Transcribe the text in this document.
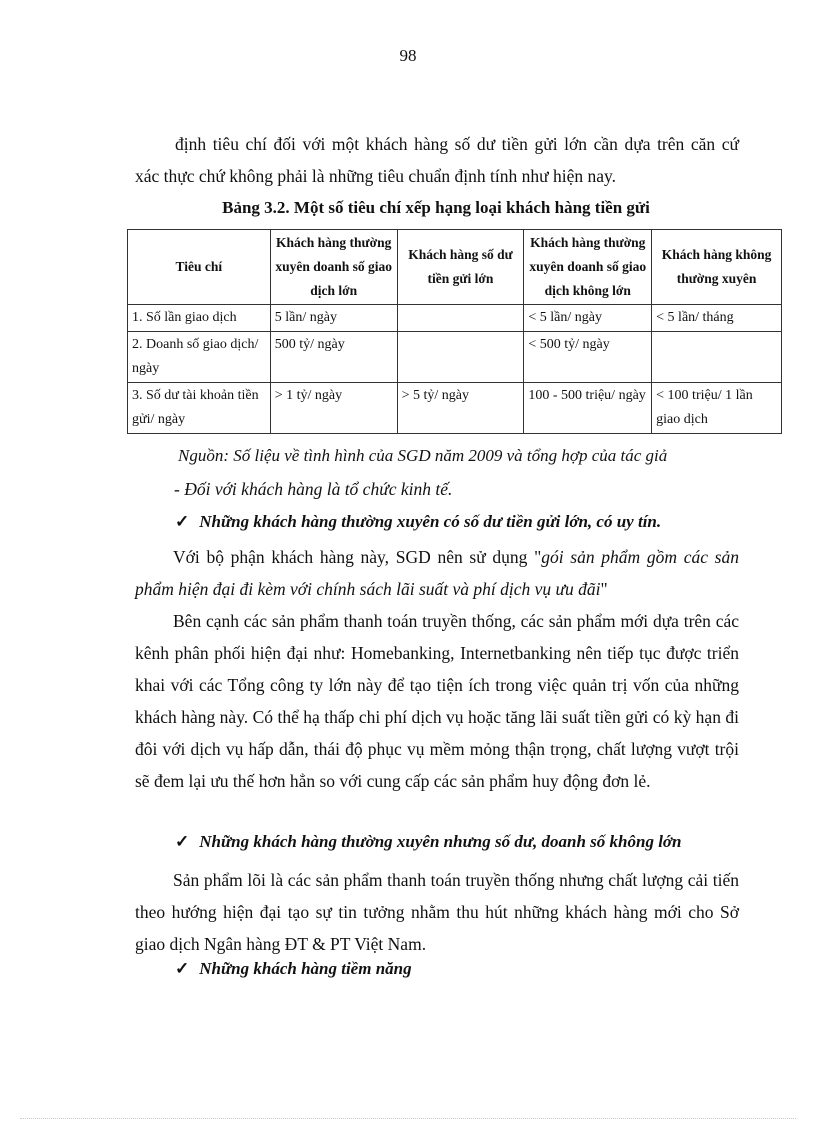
98
định tiêu chí đối với một khách hàng số dư tiền gửi lớn cần dựa trên căn cứ
xác thực chứ không phải là những tiêu chuẩn định tính như hiện nay.
Bảng 3.2. Một số tiêu chí xếp hạng loại khách hàng tiền gửi
Tiêu chí	Khách hàng thường xuyên doanh số giao dịch lớn	Khách hàng số dư tiền gửi lớn	Khách hàng thường xuyên doanh số giao dịch không lớn	Khách hàng không thường xuyên
1. Số lần giao dịch	5 lần/ ngày		< 5 lần/ ngày	< 5 lần/ tháng
2. Doanh số giao dịch/ ngày	500 tỷ/ ngày		< 500 tỷ/ ngày	
3. Số dư tài khoản tiền gửi/ ngày	> 1 tỷ/ ngày	> 5 tỷ/ ngày	100 - 500 triệu/ ngày	< 100 triệu/ 1 lần giao dịch
Nguồn: Số liệu về tình hình của SGD năm 2009 và tổng hợp của tác giả
- Đối với khách hàng là tổ chức kinh tế.
✓ Những khách hàng thường xuyên có số dư tiền gửi lớn, có uy tín.
Với bộ phận khách hàng này, SGD nên sử dụng "gói sản phẩm gồm các sản phẩm hiện đại đi kèm với chính sách lãi suất và phí dịch vụ ưu đãi"
Bên cạnh các sản phẩm thanh toán truyền thống, các sản phẩm mới dựa trên các kênh phân phối hiện đại như: Homebanking, Internetbanking nên tiếp tục được triển khai với các Tổng công ty lớn này để tạo tiện ích trong việc quản trị vốn của những khách hàng này. Có thể hạ thấp chi phí dịch vụ hoặc tăng lãi suất tiền gửi có kỳ hạn đi đôi với dịch vụ hấp dẫn, thái độ phục vụ mềm mỏng thận trọng, chất lượng vượt trội sẽ đem lại ưu thế hơn hẳn so với cung cấp các sản phẩm huy động đơn lẻ.
✓ Những khách hàng thường xuyên nhưng số dư, doanh số không lớn
Sản phẩm lõi là các sản phẩm thanh toán truyền thống nhưng chất lượng cải tiến theo hướng hiện đại tạo sự tin tưởng nhằm thu hút những khách hàng mới cho Sở giao dịch Ngân hàng ĐT & PT Việt Nam.
✓ Những khách hàng tiềm năng
